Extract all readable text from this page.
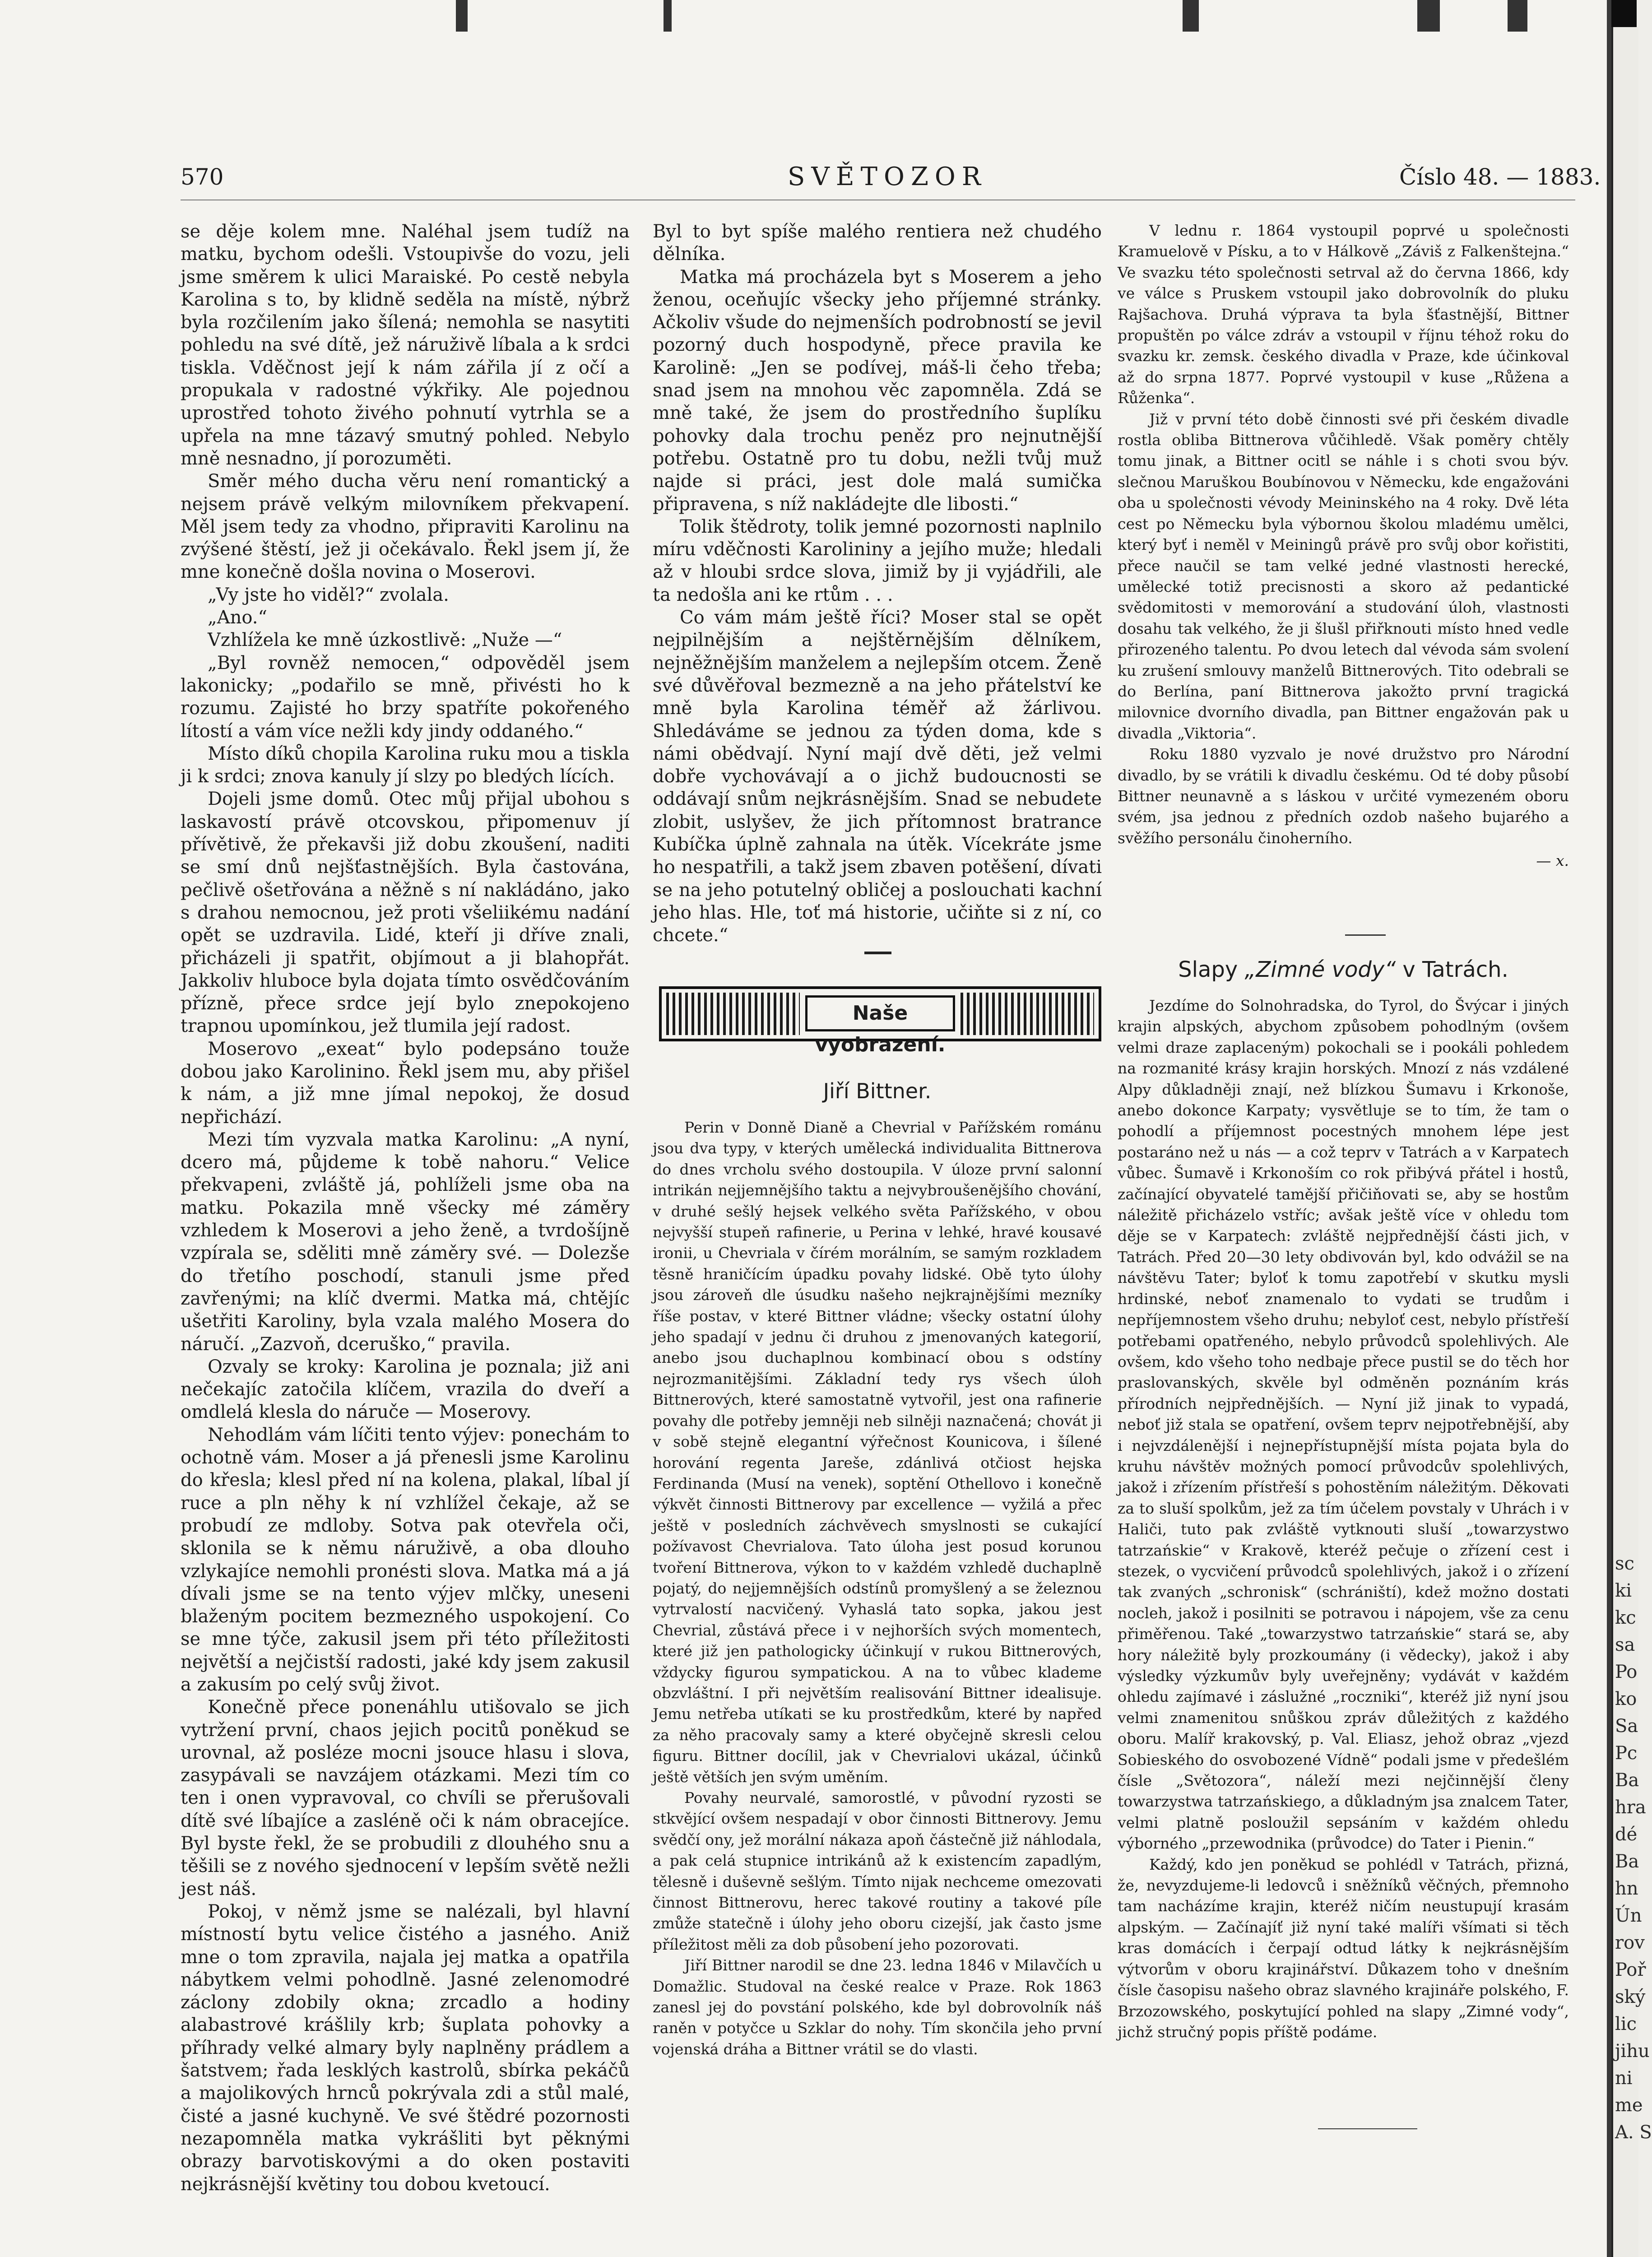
sc
ki
kc
sa
Po
ko
Sa
Pc
Ba
hra
dé
Ba
hn
Ún
rov
Poř
ský
lic
jihu
ni
me
A. S
570	SVĚTOZOR	Číslo 48. — 1883.

se děje kolem mne. Naléhal jsem tudíž na matku, bychom odešli. Vstoupivše do vozu, jeli jsme směrem k ulici Maraiské. Po cestě nebyla Karolina s to, by klidně seděla na místě, nýbrž byla rozčilením jako šílená; nemohla se nasytiti pohledu na své dítě, jež náruživě líbala a k srdci tiskla. Vděčnost její k nám zářila jí z očí a propukala v radostné výkřiky. Ale pojednou uprostřed tohoto živého pohnutí vytrhla se a upřela na mne tázavý smutný pohled. Nebylo mně nesnadno, jí porozuměti.

Směr mého ducha věru není romantický a nejsem právě velkým milovníkem překvapení. Měl jsem tedy za vhodno, připraviti Karolinu na zvýšené štěstí, jež ji očekávalo. Řekl jsem jí, že mne konečně došla novina o Moserovi.

„Vy jste ho viděl?“ zvolala.

„Ano.“

Vzhlížela ke mně úzkostlivě: „Nuže —“

„Byl rovněž nemocen,“ odpověděl jsem lakonicky; „podařilo se mně, přivésti ho k rozumu. Zajisté ho brzy spatříte pokořeného lítostí a vám více nežli kdy jindy oddaného.“

Místo díků chopila Karolina ruku mou a tiskla ji k srdci; znova kanuly jí slzy po bledých lících.

Dojeli jsme domů. Otec můj přijal ubohou s laskavostí právě otcovskou, připomenuv jí přívětivě, že překavši již dobu zkoušení, naditi se smí dnů nejšťastnějších. Byla častována, pečlivě ošetřována a něžně s ní nakládáno, jako s drahou nemocnou, jež proti všeliikému nadání opět se uzdravila. Lidé, kteří ji dříve znali, přicházeli ji spatřit, objímout a ji blahopřát. Jakkoliv hluboce byla dojata tímto osvědčováním přízně, přece srdce její bylo znepokojeno trapnou upomínkou, jež tlumila její radost.

Moserovo „exeat“ bylo podepsáno touže dobou jako Karolinino. Řekl jsem mu, aby přišel k nám, a již mne jímal nepokoj, že dosud nepřichází.

Mezi tím vyzvala matka Karolinu: „A nyní, dcero má, půjdeme k tobě nahoru.“ Velice překvapeni, zvláště já, pohlíželi jsme oba na matku. Pokazila mně všecky mé záměry vzhledem k Moserovi a jeho ženě, a tvrdošíjně vzpírala se, sděliti mně záměry své. — Dolezše do třetího poschodí, stanuli jsme před zavřenými; na klíč dvermi. Matka má, chtějíc ušetřiti Karoliny, byla vzala malého Mosera do náručí. „Zazvoň, dceruško,“ pravila.

Ozvaly se kroky: Karolina je poznala; již ani nečekajíc zatočila klíčem, vrazila do dveří a omdlelá klesla do náruče — Moserovy.

Nehodlám vám líčiti tento výjev: ponechám to ochotně vám. Moser a já přenesli jsme Karolinu do křesla; klesl před ní na kolena, plakal, líbal jí ruce a pln něhy k ní vzhlížel čekaje, až se probudí ze mdloby. Sotva pak otevřela oči, sklonila se k němu náruživě, a oba dlouho vzlykajíce nemohli pronésti slova. Matka má a já dívali jsme se na tento výjev mlčky, uneseni blaženým pocitem bezmezného uspokojení. Co se mne týče, zakusil jsem při této příležitosti největší a nejčistší radosti, jaké kdy jsem zakusil a zakusím po celý svůj život.

Konečně přece ponenáhlu utišovalo se jich vytržení první, chaos jejich pocitů poněkud se urovnal, až posléze mocni jsouce hlasu i slova, zasypávali se navzájem otázkami. Mezi tím co ten i onen vypravoval, co chvíli se přerušovali dítě své líbajíce a zasléně oči k nám obracejíce. Byl byste řekl, že se probudili z dlouhého snu a těšili se z nového sjednocení v lepším světě nežli jest náš.

Pokoj, v němž jsme se nalézali, byl hlavní místností bytu velice čistého a jasného. Aniž mne o tom zpravila, najala jej matka a opatřila nábytkem velmi pohodlně. Jasné zelenomodré záclony zdobily okna; zrcadlo a hodiny alabastrové krášlily krb; šuplata pohovky a příhrady velké almary byly naplněny prádlem a šatstvem; řada lesklých kastrolů, sbírka pekáčů a majolikových hrnců pokrývala zdi a stůl malé, čisté a jasné kuchyně. Ve své štědré pozornosti nezapomněla matka vykrášliti byt pěknými obrazy barvotiskovými a do oken postaviti nejkrásnější květiny tou dobou kvetoucí.

Byl to byt spíše malého rentiera než chudého dělníka.

Matka má procházela byt s Moserem a jeho ženou, oceňujíc všecky jeho příjemné stránky. Ačkoliv všude do nejmenších podrobností se jevil pozorný duch hospodyně, přece pravila ke Karolině: „Jen se podívej, máš-li čeho třeba; snad jsem na mnohou věc zapomněla. Zdá se mně také, že jsem do prostředního šuplíku pohovky dala trochu peněz pro nejnutnější potřebu. Ostatně pro tu dobu, nežli tvůj muž najde si práci, jest dole malá sumička připravena, s níž nakládejte dle libosti.“

Tolik štědroty, tolik jemné pozornosti naplnilo míru vděčnosti Karolininy a jejího muže; hledali až v hloubi srdce slova, jimiž by ji vyjádřili, ale ta nedošla ani ke rtům . . .

Co vám mám ještě říci? Moser stal se opět nejpilnějším a nejštěrnějším dělníkem, nejněžnějším manželem a nejlepším otcem. Ženě své důvěřoval bezmezně a na jeho přátelství ke mně byla Karolina téměř až žárlivou. Shledáváme se jednou za týden doma, kde s námi obědvají. Nyní mají dvě děti, jež velmi dobře vychovávají a o jichž budoucnosti se oddávají snům nejkrásnějším. Snad se nebudete zlobit, uslyšev, že jich přítomnost bratrance Kubíčka úplně zahnala na útěk. Vícekráte jsme ho nespatřili, a takž jsem zbaven potěšení, dívati se na jeho potutelný obličej a poslouchati kachní jeho hlas. Hle, toť má historie, učiňte si z ní, co chcete.“

Naše vyobrazení.
Jiří Bittner.

Perin v Donně Dianě a Chevrial v Pařížském románu jsou dva typy, v kterých umělecká individualita Bittnerova do dnes vrcholu svého dostoupila. V úloze první salonní intrikán nejjemnějšího taktu a nejvybroušenějšího chování, v druhé sešlý hejsek velkého světa Pařížského, v obou nejvyšší stupeň rafinerie, u Perina v lehké, hravé kousavé ironii, u Chevriala v čírém morálním, se samým rozkladem těsně hraničícím úpadku povahy lidské. Obě tyto úlohy jsou zároveň dle úsudku našeho nejkrajnějšími mezníky říše postav, v které Bittner vládne; všecky ostatní úlohy jeho spadají v jednu či druhou z jmenovaných kategorií, anebo jsou duchaplnou kombinací obou s odstíny nejrozmanitějšími. Základní tedy rys všech úloh Bittnerových, které samostatně vytvořil, jest ona rafinerie povahy dle potřeby jemněji neb silněji naznačená; chovát ji v sobě stejně elegantní výřečnost Kounicova, i šílené horování regenta Jareše, zdánlivá otčiost hejska Ferdinanda (Musí na venek), soptění Othellovo i konečně výkvět činnosti Bittnerovy par excellence — vyžilá a přec ještě v posledních záchvěvech smyslnosti se cukající požívavost Chevrialova. Tato úloha jest posud korunou tvoření Bittnerova, výkon to v každém vzhledě duchaplně pojatý, do nejjemnějších odstínů promyšlený a se železnou vytrvalostí nacvičený. Vyhaslá tato sopka, jakou jest Chevrial, zůstává přece i v nejhorších svých momentech, které již jen pathologicky účinkují v rukou Bittnerových, vždycky figurou sympatickou. A na to vůbec klademe obzvláštní. I při největším realisování Bittner idealisuje. Jemu netřeba utíkati se ku prostředkům, které by napřed za něho pracovaly samy a které obyčejně skresli celou figuru. Bittner docílil, jak v Chevrialovi ukázal, účinků ještě větších jen svým uměním.

Povahy neurvalé, samorostlé, v původní ryzosti se stkvějící ovšem nespadají v obor činnosti Bittnerovy. Jemu svědčí ony, jež morální nákaza apoň částečně již náhlodala, a pak celá stupnice intrikánů až k existencím zapadlým, tělesně i duševně sešlým. Tímto nijak nechceme omezovati činnost Bittnerovu, herec takové routiny a takové píle zmůže statečně i úlohy jeho oboru cizejší, jak často jsme příležitost měli za dob působení jeho pozorovati.

Jiří Bittner narodil se dne 23. ledna 1846 v Milavčích u Domažlic. Studoval na české realce v Praze. Rok 1863 zanesl jej do povstání polského, kde byl dobrovolník náš raněn v potyčce u Szklar do nohy. Tím skončila jeho první vojenská dráha a Bittner vrátil se do vlasti.

V lednu r. 1864 vystoupil poprvé u společnosti Kramuelově v Písku, a to v Hálkově „Záviš z Falkenštejna.“ Ve svazku této společnosti setrval až do června 1866, kdy ve válce s Pruskem vstoupil jako dobrovolník do pluku Rajšachova. Druhá výprava ta byla šťastnější, Bittner propuštěn po válce zdráv a vstoupil v říjnu téhož roku do svazku kr. zemsk. českého divadla v Praze, kde účinkoval až do srpna 1877. Poprvé vystoupil v kuse „Růžena a Růženka“.

Již v první této době činnosti své při českém divadle rostla obliba Bittnerova vůčihledě. Však poměry chtěly tomu jinak, a Bittner ocitl se náhle i s choti svou býv. slečnou Maruškou Boubínovou v Německu, kde engažováni oba u společnosti vévody Meininského na 4 roky. Dvě léta cest po Německu byla výbornou školou mladému umělci, který byť i neměl v Meiningů právě pro svůj obor kořistiti, přece naučil se tam velké jedné vlastnosti herecké, umělecké totiž precisnosti a skoro až pedantické svědomitosti v memorování a studování úloh, vlastnosti dosahu tak velkého, že ji šlušl přiřknouti místo hned vedle přirozeného talentu. Po dvou letech dal vévoda sám svolení ku zrušení smlouvy manželů Bittnerových. Tito odebrali se do Berlína, paní Bittnerova jakožto první tragická milovnice dvorního divadla, pan Bittner engažován pak u divadla „Viktoria“.

Roku 1880 vyzvalo je nové družstvo pro Národní divadlo, by se vrátili k divadlu českému. Od té doby působí Bittner neunavně a s láskou v určité vymezeném oboru svém, jsa jednou z předních ozdob našeho bujarého a svěžího personálu činoherního.

— x.

Slapy „Zimné vody“ v Tatrách.

Jezdíme do Solnohradska, do Tyrol, do Švýcar i jiných krajin alpských, abychom způsobem pohodlným (ovšem velmi draze zaplaceným) pokochali se i pookáli pohledem na rozmanité krásy krajin horských. Mnozí z nás vzdálené Alpy důkladněji znají, než blízkou Šumavu i Krkonoše, anebo dokonce Karpaty; vysvětluje se to tím, že tam o pohodlí a příjemnost pocestných mnohem lépe jest postaráno než u nás — a což teprv v Tatrách a v Karpatech vůbec. Šumavě i Krkonoším co rok přibývá přátel i hostů, začínající obyvatelé tamější přičiňovati se, aby se hostům náležitě přicházelo vstříc; avšak ještě více v ohledu tom děje se v Karpatech: zvláště nejpřednější části jich, v Tatrách. Před 20—30 lety obdivován byl, kdo odvážil se na návštěvu Tater; byloť k tomu zapotřebí v skutku mysli hrdinské, neboť znamenalo to vydati se trudům i nepříjemnostem všeho druhu; nebyloť cest, nebylo přístřeší potřebami opatřeného, nebylo průvodců spolehlivých. Ale ovšem, kdo všeho toho nedbaje přece pustil se do těch hor praslovanských, skvěle byl odměněn poznáním krás přírodních nejpřednějších. — Nyní již jinak to vypadá, neboť již stala se opatření, ovšem teprv nejpotřebnější, aby i nejvzdálenější i nejnepřístupnější místa pojata byla do kruhu návštěv možných pomocí průvodcův spolehlivých, jakož i zřízením přístřeší s pohostěním náležitým. Děkovati za to sluší spolkům, jež za tím účelem povstaly v Uhrách i v Haliči, tuto pak zvláště vytknouti sluší „towarzystwo tatrzańskie“ v Krakově, kteréž pečuje o zřízení cest i stezek, o vycvičení průvodců spolehlivých, jakož i o zřízení tak zvaných „schronisk“ (schrániští), kdež možno dostati nocleh, jakož i posilniti se potravou i nápojem, vše za cenu přiměřenou. Také „towarzystwo tatrzańskie“ stará se, aby hory náležitě byly prozkoumány (i vědecky), jakož i aby výsledky výzkumův byly uveřejněny; vydávát v každém ohledu zajímavé i záslužné „roczniki“, kteréž již nyní jsou velmi znamenitou snůškou zpráv důležitých z každého oboru. Malíř krakovský, p. Val. Eliasz, jehož obraz „vjezd Sobieského do osvobozené Vídně“ podali jsme v předešlém čísle „Světozora“, náleží mezi nejčinnější členy towarzystwa tatrzańskiego, a důkladným jsa znalcem Tater, velmi platně posloužil sepsáním v každém ohledu výborného „przewodnika (průvodce) do Tater i Pienin.“

Každý, kdo jen poněkud se pohlédl v Tatrách, přizná, že, nevyzdujeme-li ledovců i sněžníků věčných, přemnoho tam nacházíme krajin, kteréž ničím neustupují krasám alpským. — Začínajíť již nyní také malíři všímati si těch kras domácích i čerpají odtud látky k nejkrásnějším výtvorům v oboru krajinářství. Důkazem toho v dnešním čísle časopisu našeho obraz slavného krajináře polského, F. Brzozowského, poskytující pohled na slapy „Zimné vody“, jichž stručný popis příště podáme.
